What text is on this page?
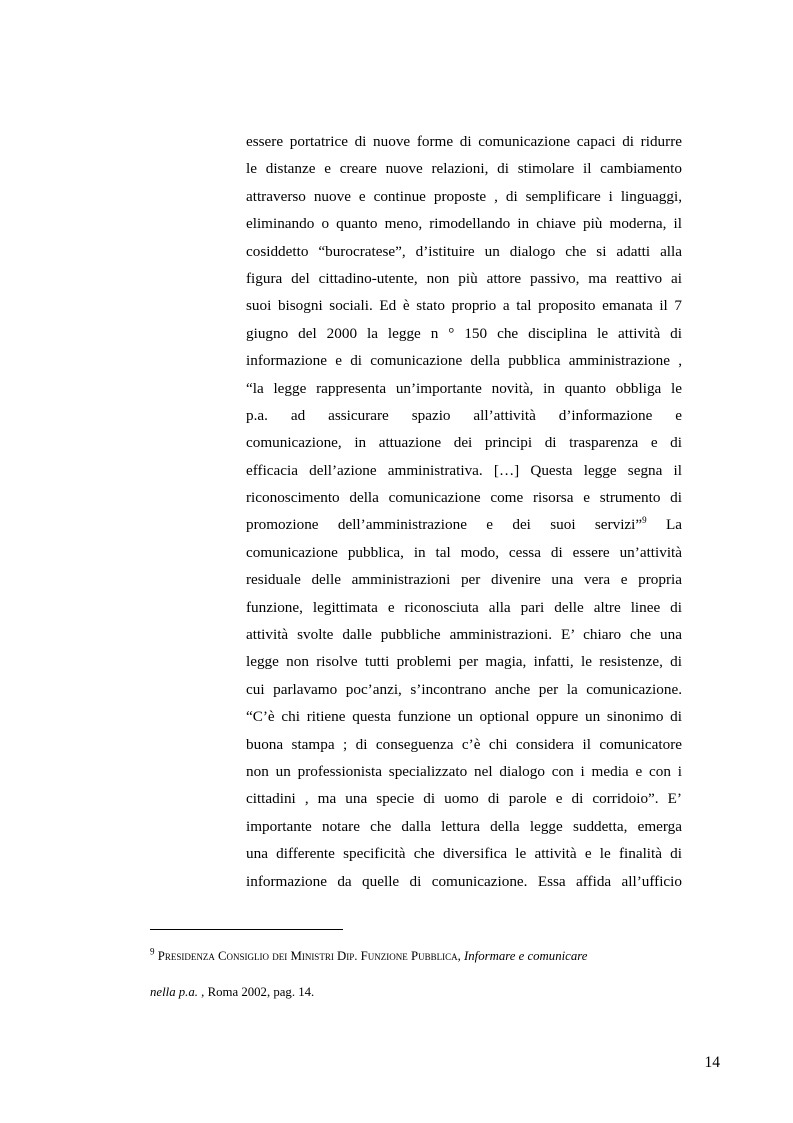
essere portatrice di nuove forme di comunicazione capaci di ridurre
le distanze e creare nuove relazioni, di stimolare il cambiamento
attraverso nuove e continue proposte , di semplificare i linguaggi,
eliminando o quanto meno, rimodellando in chiave più moderna, il
cosiddetto “burocratese”, d’istituire un dialogo che si adatti alla
figura del cittadino-utente, non più attore passivo, ma reattivo ai
suoi bisogni sociali. Ed è stato proprio a tal proposito emanata il 7
giugno del 2000 la legge n ° 150 che disciplina le attività di
informazione e di comunicazione della pubblica amministrazione ,
“la legge rappresenta un’importante novità, in quanto obbliga le
p.a. ad assicurare spazio all’attività d’informazione e
comunicazione, in attuazione dei principi di trasparenza e di
efficacia dell’azione amministrativa. […] Questa legge segna il
riconoscimento della comunicazione come risorsa e strumento di
promozione dell’amministrazione e dei suoi servizi”$^9$ La
comunicazione pubblica, in tal modo, cessa di essere un’attività
residuale delle amministrazioni per divenire una vera e propria
funzione, legittimata e riconosciuta alla pari delle altre linee di
attività svolte dalle pubbliche amministrazioni. E’ chiaro che una
legge non risolve tutti problemi per magia, infatti, le resistenze, di
cui parlavamo poc’anzi, s’incontrano anche per la comunicazione.
“C’è chi ritiene questa funzione un optional oppure un sinonimo di
buona stampa ; di conseguenza c’è chi considera il comunicatore
non un professionista specializzato nel dialogo con i media e con i
cittadini , ma una specie di uomo di parole e di corridoio”. E’
importante notare che dalla lettura della legge suddetta, emerga
una differente specificità che diversifica le attività e le finalità di
informazione da quelle di comunicazione. Essa affida all’ufficio
$^9$ Presidenza Consiglio dei Ministri Dip. Funzione Pubblica, Informare e comunicare
nella p.a. , Roma 2002, pag. 14.
14
